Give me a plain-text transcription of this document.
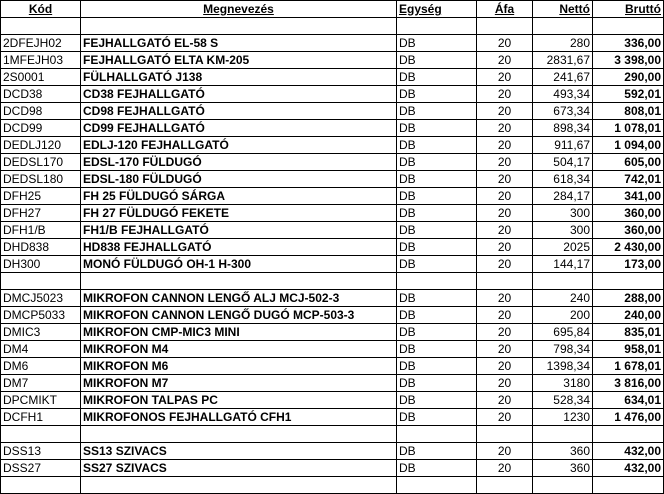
Kód	Megnevezés	Egység	Áfa	Nettó	Bruttó

2DFEJH02	FEJHALLGATÓ EL-58 S	DB	20	280	336,00
1MFEJH03	FEJHALLGATÓ ELTA KM-205	DB	20	2831,67	3 398,00
2S0001	FÜLHALLGATÓ J138	DB	20	241,67	290,00
DCD38	CD38 FEJHALLGATÓ	DB	20	493,34	592,01
DCD98	CD98 FEJHALLGATÓ	DB	20	673,34	808,01
DCD99	CD99 FEJHALLGATÓ	DB	20	898,34	1 078,01
DEDLJ120	EDLJ-120 FEJHALLGATÓ	DB	20	911,67	1 094,00
DEDSL170	EDSL-170 FÜLDUGÓ	DB	20	504,17	605,00
DEDSL180	EDSL-180 FÜLDUGÓ	DB	20	618,34	742,01
DFH25	FH 25 FÜLDUGÓ SÁRGA	DB	20	284,17	341,00
DFH27	FH 27 FÜLDUGÓ FEKETE	DB	20	300	360,00
DFH1/B	FH1/B FEJHALLGATÓ	DB	20	300	360,00
DHD838	HD838 FEJHALLGATÓ	DB	20	2025	2 430,00
DH300	MONÓ FÜLDUGÓ OH-1 H-300	DB	20	144,17	173,00

DMCJ5023	MIKROFON CANNON LENGŐ ALJ MCJ-502-3	DB	20	240	288,00
DMCP5033	MIKROFON CANNON LENGŐ DUGÓ MCP-503-3	DB	20	200	240,00
DMIC3	MIKROFON CMP-MIC3 MINI	DB	20	695,84	835,01
DM4	MIKROFON M4	DB	20	798,34	958,01
DM6	MIKROFON M6	DB	20	1398,34	1 678,01
DM7	MIKROFON M7	DB	20	3180	3 816,00
DPCMIKT	MIKROFON TALPAS PC	DB	20	528,34	634,01
DCFH1	MIKROFONOS FEJHALLGATÓ CFH1	DB	20	1230	1 476,00

DSS13	SS13 SZIVACS	DB	20	360	432,00
DSS27	SS27 SZIVACS	DB	20	360	432,00
